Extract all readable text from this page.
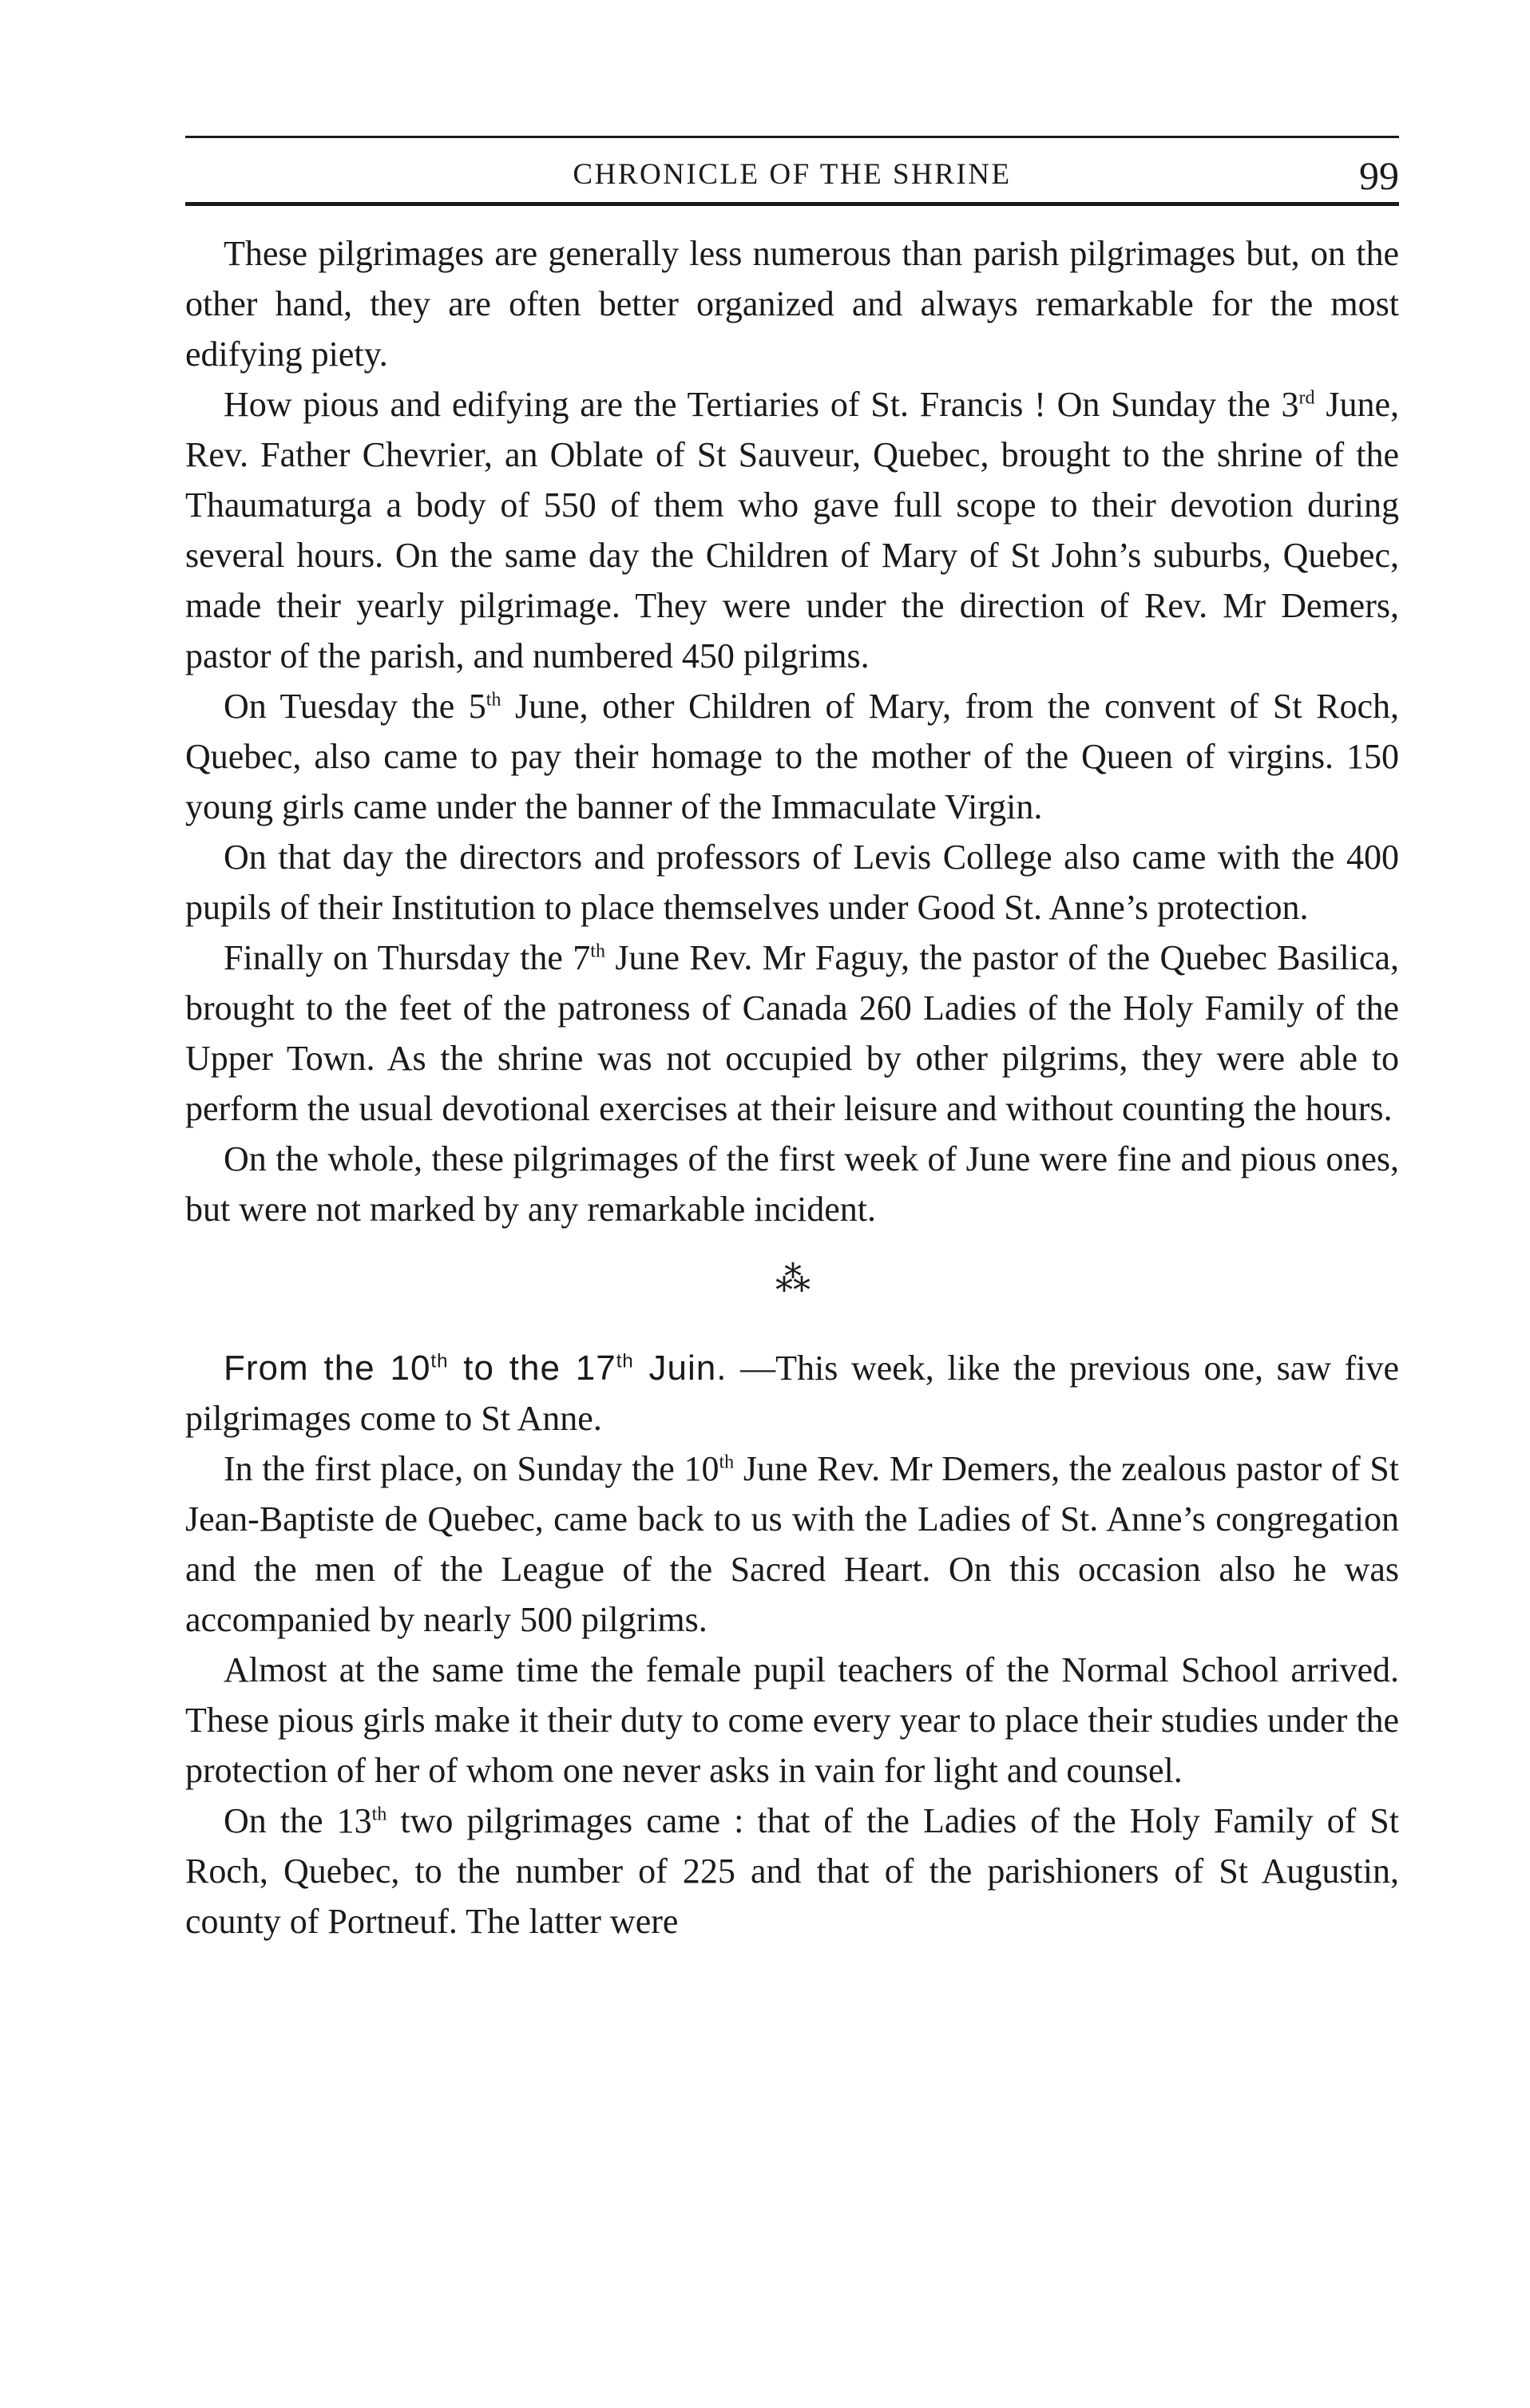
CHRONICLE OF THE SHRINE	99

These pilgrimages are generally less numerous than parish pilgrimages but, on the other hand, they are often better organized and always remarkable for the most edifying piety.

How pious and edifying are the Tertiaries of St. Francis ! On Sunday the 3rd June, Rev. Father Chevrier, an Oblate of St Sauveur, Quebec, brought to the shrine of the Thaumaturga a body of 550 of them who gave full scope to their devotion during several hours. On the same day the Children of Mary of St John’s suburbs, Quebec, made their yearly pilgrimage. They were under the direction of Rev. Mr Demers, pastor of the parish, and numbered 450 pilgrims.

On Tuesday the 5th June, other Children of Mary, from the convent of St Roch, Quebec, also came to pay their homage to the mother of the Queen of virgins. 150 young girls came under the banner of the Immaculate Virgin.

On that day the directors and professors of Levis College also came with the 400 pupils of their Institution to place themselves under Good St. Anne’s protection.

Finally on Thursday the 7th June Rev. Mr Faguy, the pastor of the Quebec Basilica, brought to the feet of the patroness of Canada 260 Ladies of the Holy Family of the Upper Town. As the shrine was not occupied by other pilgrims, they were able to perform the usual devotional exercises at their leisure and without counting the hours.

On the whole, these pilgrimages of the first week of June were fine and pious ones, but were not marked by any remarkable incident.

⁂

From the 10th to the 17th Juin. —This week, like the previous one, saw five pilgrimages come to St Anne.

In the first place, on Sunday the 10th June Rev. Mr Demers, the zealous pastor of St Jean-Baptiste de Quebec, came back to us with the Ladies of St. Anne’s congregation and the men of the League of the Sacred Heart. On this occasion also he was accompanied by nearly 500 pilgrims.

Almost at the same time the female pupil teachers of the Normal School arrived. These pious girls make it their duty to come every year to place their studies under the protection of her of whom one never asks in vain for light and counsel.

On the 13th two pilgrimages came : that of the Ladies of the Holy Family of St Roch, Quebec, to the number of 225 and that of the parishioners of St Augustin, county of Portneuf. The latter were
